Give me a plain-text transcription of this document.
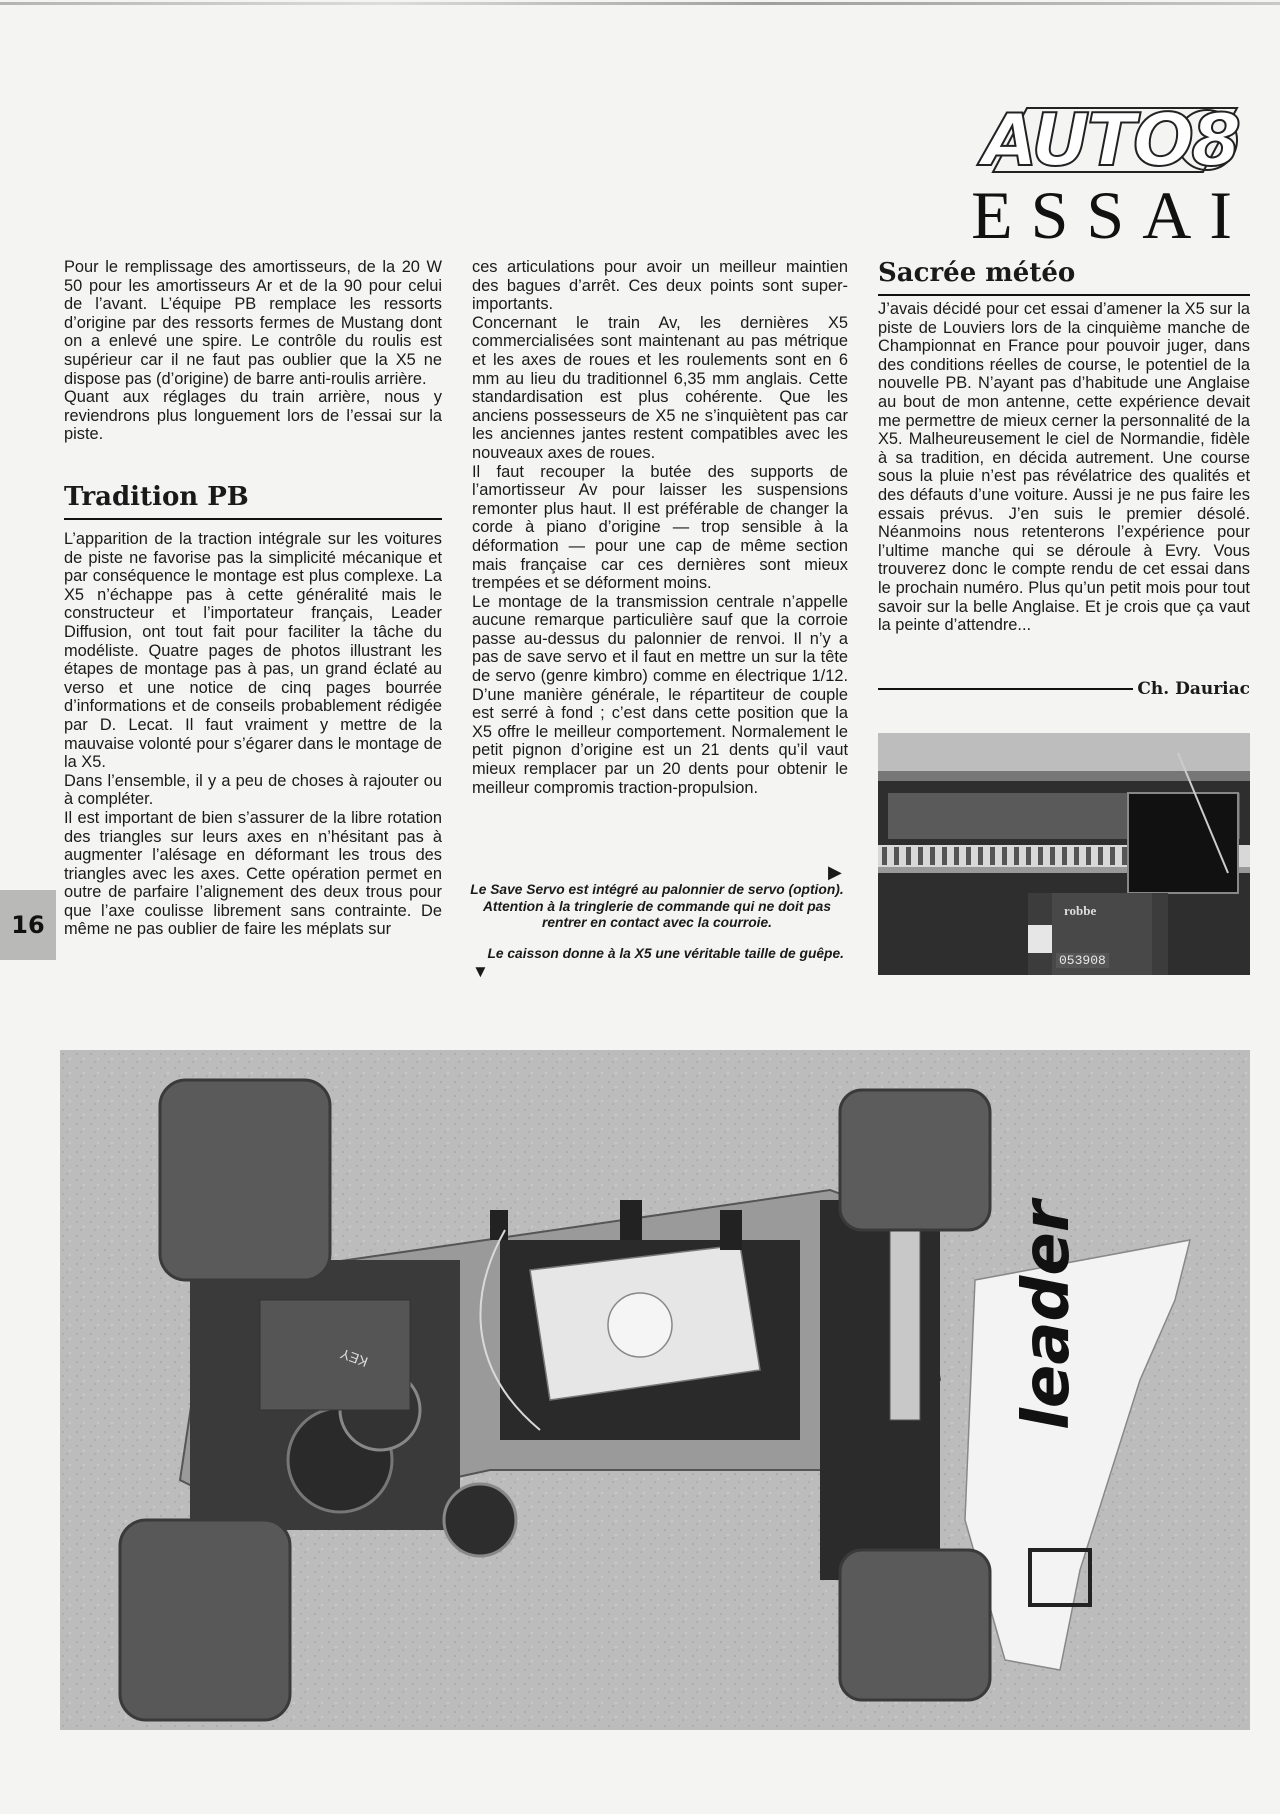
AUTO8
ESSAI

Pour le remplissage des amortisseurs, de la 20 W 50 pour les amortisseurs Ar et de la 90 pour celui de l’avant. L’équipe PB remplace les ressorts d’origine par des ressorts fermes de Mustang dont on a enlevé une spire. Le contrôle du roulis est supérieur car il ne faut pas oublier que la X5 ne dispose pas (d’origine) de barre anti-roulis arrière.

Quant aux réglages du train arrière, nous y reviendrons plus longuement lors de l’essai sur la piste.

Tradition PB

L’apparition de la traction intégrale sur les voitures de piste ne favorise pas la simplicité mécanique et par conséquence le montage est plus complexe. La X5 n’échappe pas à cette généralité mais le constructeur et l’importateur français, Leader Diffusion, ont tout fait pour faciliter la tâche du modéliste. Quatre pages de photos illustrant les étapes de montage pas à pas, un grand éclaté au verso et une notice de cinq pages bourrée d’informations et de conseils probablement rédigée par D. Lecat. Il faut vraiment y mettre de la mauvaise volonté pour s’égarer dans le montage de la X5.

Dans l’ensemble, il y a peu de choses à rajouter ou à compléter.

Il est important de bien s’assurer de la libre rotation des triangles sur leurs axes en n’hésitant pas à augmenter l’alésage en déformant les trous des triangles avec les axes. Cette opération permet en outre de parfaire l’alignement des deux trous pour que l’axe coulisse librement sans contrainte. De même ne pas oublier de faire les méplats sur

16

ces articulations pour avoir un meilleur maintien des bagues d’arrêt. Ces deux points sont super-importants.

Concernant le train Av, les dernières X5 commercialisées sont maintenant au pas métrique et les axes de roues et les roulements sont en 6 mm au lieu du traditionnel 6,35 mm anglais. Cette standardisation est plus cohérente. Que les anciens possesseurs de X5 ne s’inquiètent pas car les anciennes jantes restent compatibles avec les nouveaux axes de roues.

Il faut recouper la butée des supports de l’amortisseur Av pour laisser les suspensions remonter plus haut. Il est préférable de changer la corde à piano d’origine — trop sensible à la déformation — pour une cap de même section mais française car ces dernières sont mieux trempées et se déforment moins.

Le montage de la transmission centrale n’appelle aucune remarque particulière sauf que la corroie passe au-dessus du palonnier de renvoi. Il n’y a pas de save servo et il faut en mettre un sur la tête de servo (genre kimbro) comme en électrique 1/12. D’une manière générale, le répartiteur de couple est serré à fond ; c’est dans cette position que la X5 offre le meilleur comportement. Normalement le petit pignon d’origine est un 21 dents qu’il vaut mieux remplacer par un 20 dents pour obtenir le meilleur compromis traction-propulsion.

▶
Le Save Servo est intégré au palonnier de servo (option). Attention à la tringlerie de commande qui ne doit pas rentrer en contact avec la courroie.
Le caisson donne à la X5 une véritable taille de guêpe.
▼
Sacrée météo

J’avais décidé pour cet essai d’amener la X5 sur la piste de Louviers lors de la cinquième manche de Championnat en France pour pouvoir juger, dans des conditions réelles de course, le potentiel de la nouvelle PB. N’ayant pas d’habitude une Anglaise au bout de mon antenne, cette expérience devait me permettre de mieux cerner la personnalité de la X5. Malheureusement le ciel de Normandie, fidèle à sa tradition, en décida autrement. Une course sous la pluie n’est pas révélatrice des qualités et des défauts d’une voiture. Aussi je ne pus faire les essais prévus. J’en suis le premier désolé. Néanmoins nous retenterons l’expérience pour l’ultime manche qui se déroule à Evry. Vous trouverez donc le compte rendu de cet essai dans le prochain numéro. Plus qu’un petit mois pour tout savoir sur la belle Anglaise. Et je crois que ça vaut la peinte d’attendre...

Ch. Dauriac
robbe
053908
leader
KEY
